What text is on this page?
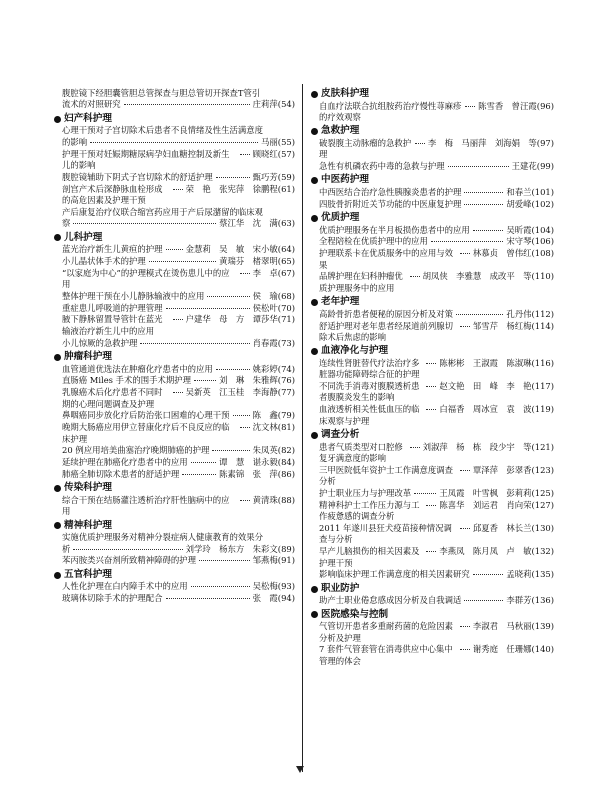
腹腔镜下经胆囊管胆总管探查与胆总管切开探查T管引
流术的对照研究	庄莉萍 (54)
妇产科护理
心理干预对子宫切除术后患者不良情绪及性生活满意度
的影响	马丽 (55)
护理干预对妊娠期糖尿病孕妇血糖控制及新生儿的影响
顾晓红 (57)
腹腔镜辅助下阴式子宫切除术的舒适护理	甄巧芳 (59)
剖宫产术后深静脉血栓形成的高危因素及护理干预
荣　艳　张宪萍　徐鹏程 (61)
产后康复治疗仪联合缩宫药应用于产后尿潴留的临床观
察	蔡江华　沈　满 (63)
儿科护理
蓝光治疗新生儿黄疸的护理	金慧莉　吴　敏　宋小敏 (64)
小儿晶状体手术的护理	黄瑞芬　楮翠明 (65)
“以家庭为中心”的护理模式在烫伤患儿中的应用
李　卓 (67)
整体护理干预在小儿静脉输液中的应用	侯　瑜 (68)
重症患儿呼吸道的护理管理	侯松叶 (70)
腋下静脉留置导管针在蓝光输液治疗新生儿中的应用
户建华　母　方　谭莎华 (71)
小儿惊厥的急救护理	肖春霞 (73)
肿瘤科护理
血管通道优选法在肿瘤化疗患者中的应用	姚彩婷 (74)
直肠癌 Miles 手术的围手术期护理	刘　琳　朱雅辉 (76)
乳腺癌术后化疗患者不同时期的心理问题调查及护理
吴新英　江玉桂　李海静 (77)
鼻咽癌同步放化疗后防治张口困难的心理干预	陈　鑫 (79)
晚期大肠癌应用伊立替康化疗后不良反应的临床护理
沈文林 (81)
20 例应用培美曲塞治疗晚期肺癌的护理	朱凤英 (82)
延续护理在肺癌化疗患者中的应用	谭　慧　谌永毅 (84)
肺癌全肺切除术患者的舒适护理	陈素锦　张　萍 (86)
传染科护理
综合干预在结肠灌注透析治疗肝性脑病中的应用
黄清珠 (88)
精神科护理
实施优质护理服务对精神分裂症病人健康教育的效果分
析	刘学玲　杨东方　朱彩文 (89)
苯丙胺类兴奋剂所致精神障碍的护理	邹燕梅 (91)
五官科护理
人性化护理在白内障手术中的应用	吴松梅 (93)
玻璃体切除手术的护理配合	张　霞 (94)
皮肤科护理
自血疗法联合抗组胺药治疗慢性荨麻疹的疗效观察
陈雪香　曾汪霞 (96)
急救护理
破裂腹主动脉瘤的急救护理
李　梅　马丽萍　刘海娟　等 (97)
急性有机磷农药中毒的急救与护理	王建花 (99)
中医药护理
中西医结合治疗急性胰腺炎患者的护理	和春兰 (101)
四肢骨折附近关节功能的中医康复护理	胡爱峰 (102)
优质护理
优质护理服务在半月板损伤患者中的应用	吴昕霞 (104)
全程陪检在优质护理中的应用	宋守琴 (106)
护理联系卡在优质服务中的应用与效果
林慕贞　曾伟红 (108)
品牌护理在妇科肿瘤优质护理服务中的应用
胡凤侠　李雅慧　成改平　等 (110)
老年护理
高龄骨折患者便秘的原因分析及对策	孔丹伟 (112)
舒适护理对老年患者经尿道前列腺切除术后焦虑的影响
邹雪芹　杨红梅 (114)
血液净化与护理
连续性肾脏替代疗法治疗多脏器功能障碍综合征的护理
陈彬彬　王淑霞　陈淑琳 (116)
不同洗手消毒对腹膜透析患者腹膜炎发生的影响
赵文艳　田　峰　李　艳 (117)
血液透析相关性低血压的临床观察与护理
白福香　周冰宣　袁　波 (119)
调查分析
患者气质类型对口腔修复牙满意度的影响
刘淑萍　杨　栋　段少宇　等 (121)
三甲医院低年资护士工作满意度调查分析
覃泽萍　彭翠香 (123)
护士职业压力与护理改革	王凤霞　叶雪枫　彭莉莉 (125)
精神科护士工作压力源与工作疲惫感的调查分析
陈喜华　刘运君　肖向荣 (127)
2011 年遂川县狂犬疫苗接种情况调查与分析
邱夏香　林长兰 (130)
早产儿脑损伤的相关因素及护理干预
李燕凤　陈月凤　卢　敏 (132)
影响临床护理工作满意度的相关因素研究	孟晓莉 (135)
职业防护
助产士职业倦怠感成因分析及自我调适	李群芳 (136)
医院感染与控制
气管切开患者多重耐药菌的危险因素分析及护理
李淑君　马秋丽 (139)
7 套件气管套管在消毒供应中心集中管理的体会
谢秀庭　任珊娜 (140)
